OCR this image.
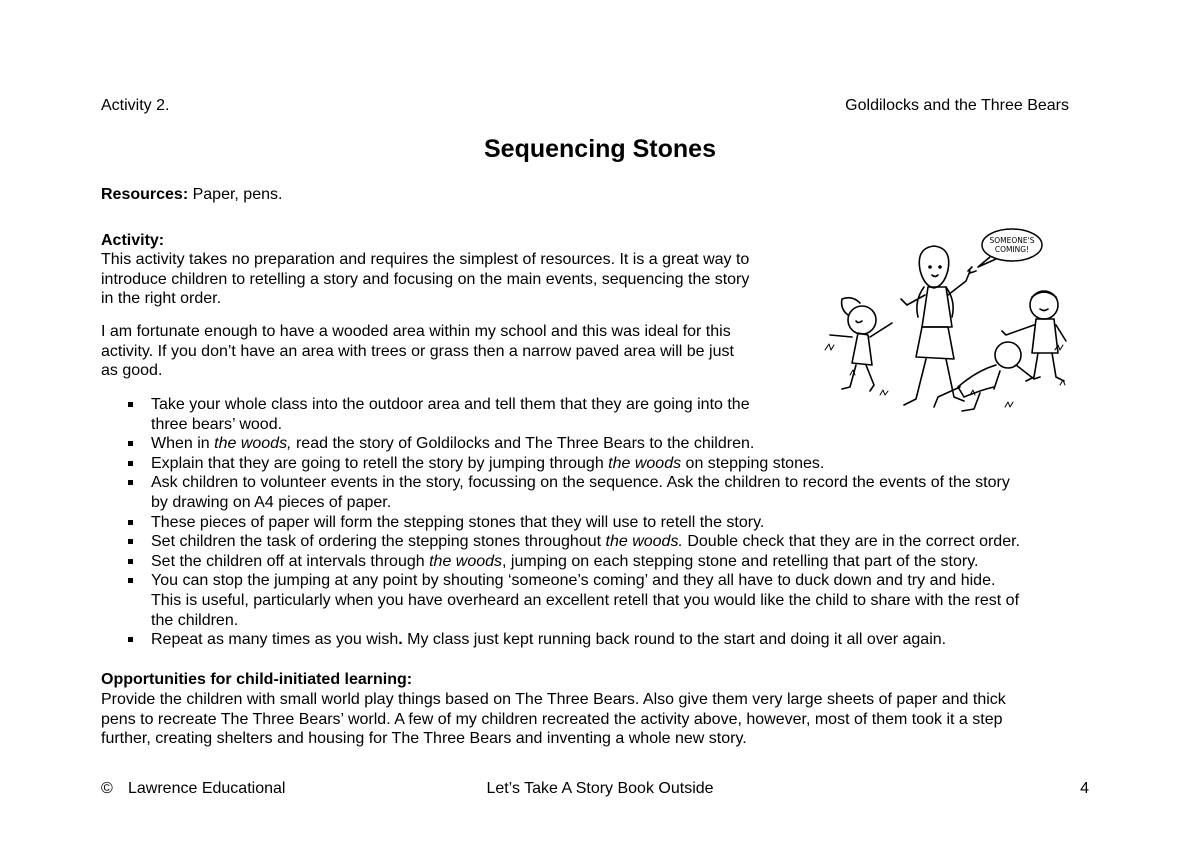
Activity 2.	Goldilocks and the Three Bears
Sequencing Stones
Resources: Paper, pens.
Activity:
This activity takes no preparation and requires the simplest of resources. It is a great way to
introduce children to retelling a story and focusing on the main events, sequencing the story
in the right order.
I am fortunate enough to have a wooded area within my school and this was ideal for this
activity. If you don’t have an area with trees or grass then a narrow paved area will be just
as good.
Take your whole class into the outdoor area and tell them that they are going into the
three bears’ wood.
When in the woods, read the story of Goldilocks and The Three Bears to the children.
Explain that they are going to retell the story by jumping through the woods on stepping stones.
Ask children to volunteer events in the story, focussing on the sequence. Ask the children to record the events of the story
by drawing on A4 pieces of paper.
These pieces of paper will form the stepping stones that they will use to retell the story.
Set children the task of ordering the stepping stones throughout the woods. Double check that they are in the correct order.
Set the children off at intervals through the woods, jumping on each stepping stone and retelling that part of the story.
You can stop the jumping at any point by shouting ‘someone’s coming’ and they all have to duck down and try and hide.
This is useful, particularly when you have overheard an excellent retell that you would like the child to share with the rest of
the children.
Repeat as many times as you wish. My class just kept running back round to the start and doing it all over again.
Opportunities for child-initiated learning:
Provide the children with small world play things based on The Three Bears. Also give them very large sheets of paper and thick
pens to recreate The Three Bears’ world. A few of my children recreated the activity above, however, most of them took it a step
further, creating shelters and housing for The Three Bears and inventing a whole new story.
SOMEONE'S
COMING!
© Lawrence Educational	Let’s Take A Story Book Outside	4
